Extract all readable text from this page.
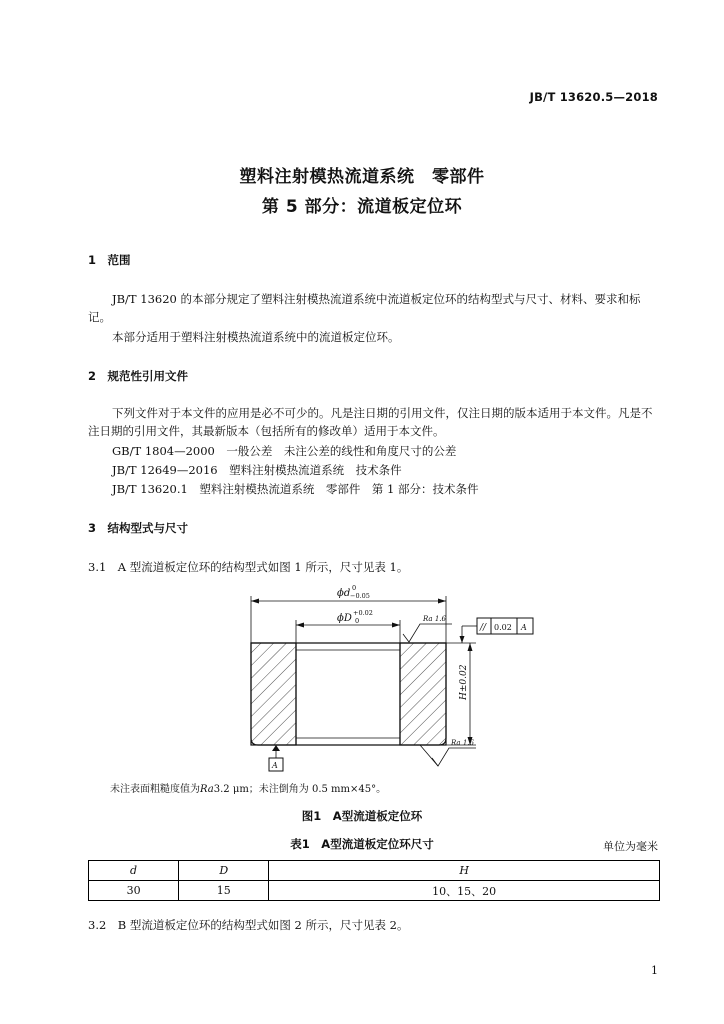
JB/T 13620.5—2018
塑料注射模热流道系统　零部件
第 5 部分：流道板定位环
1　范围
JB/T 13620 的本部分规定了塑料注射模热流道系统中流道板定位环的结构型式与尺寸、材料、要求和标记。
本部分适用于塑料注射模热流道系统中的流道板定位环。
2　规范性引用文件
下列文件对于本文件的应用是必不可少的。凡是注日期的引用文件，仅注日期的版本适用于本文件。凡是不注日期的引用文件，其最新版本（包括所有的修改单）适用于本文件。
GB/T 1804—2000　一般公差　未注公差的线性和角度尺寸的公差
JB/T 12649—2016　塑料注射模热流道系统　技术条件
JB/T 13620.1　塑料注射模热流道系统　零部件　第 1 部分：技术条件
3　结构型式与尺寸
3.1　A 型流道板定位环的结构型式如图 1 所示，尺寸见表 1。
ϕd 0
−0.05
ϕD +0.02
0
H±0.02
Ra 1.6
Ra 1.6
// 0.02 A
A
未注表面粗糙度值为Ra3.2 μm；未注倒角为 0.5 mm×45°。
图1　A型流道板定位环
表1　A型流道板定位环尺寸	单位为毫米
d	D	H
30	15	10、15、20
3.2　B 型流道板定位环的结构型式如图 2 所示，尺寸见表 2。
1
